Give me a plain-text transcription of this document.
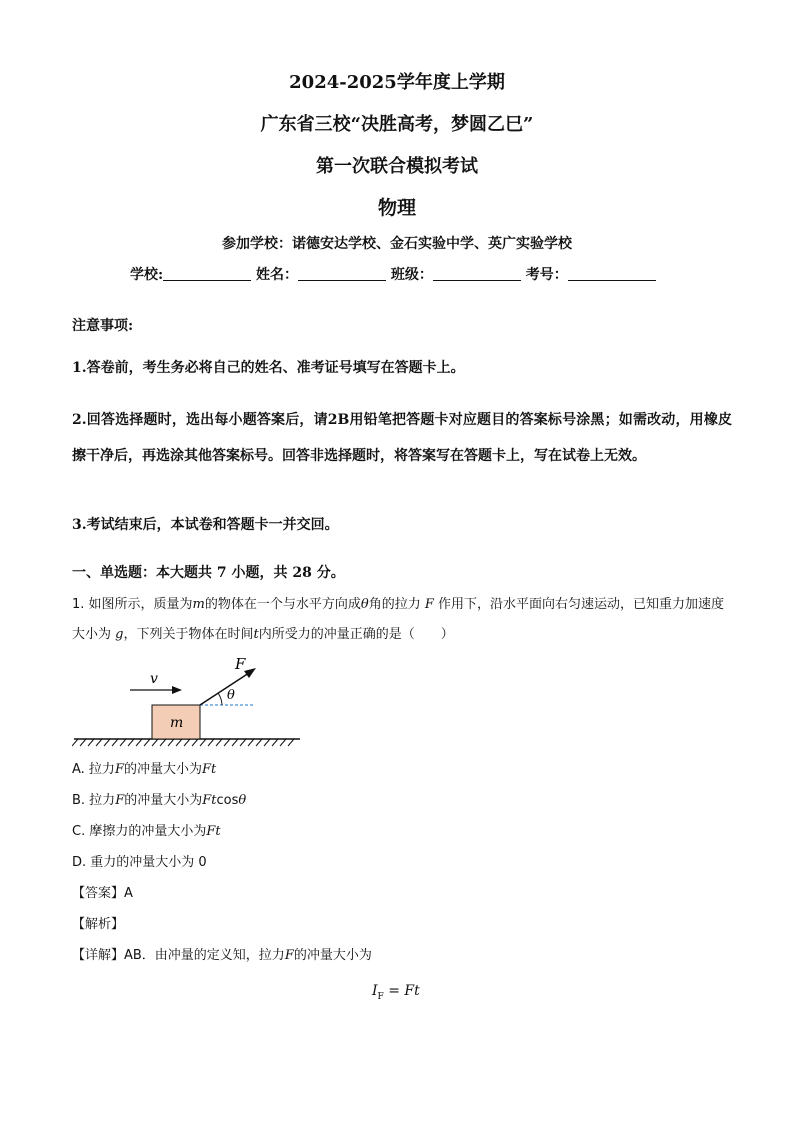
2024-2025学年度上学期
广东省三校“决胜高考，梦圆乙巳”
第一次联合模拟考试
物理
参加学校：诺德安达学校、金石实验中学、英广实验学校
学校:	姓名：	班级：	考号：
注意事项:
1.答卷前，考生务必将自己的姓名、准考证号填写在答题卡上。
2.回答选择题时，选出每小题答案后，请2B用铅笔把答题卡对应题目的答案标号涂黑；如需改动，用橡皮擦干净后，再选涂其他答案标号。回答非选择题时，将答案写在答题卡上，写在试卷上无效。
3.考试结束后，本试卷和答题卡一并交回。
一、单选题：本大题共 7 小题，共 28 分。
1. 如图所示，质量为m的物体在一个与水平方向成θ角的拉力 F 作用下，沿水平面向右匀速运动，已知重力加速度大小为 g，下列关于物体在时间t内所受力的冲量正确的是（　　）
m
F
θ
v
A. 拉力F的冲量大小为Ft
B. 拉力F的冲量大小为Ftcosθ
C. 摩擦力的冲量大小为Ft
D. 重力的冲量大小为 0
【答案】A
【解析】
【详解】AB．由冲量的定义知，拉力F的冲量大小为
$I_F = Ft$
